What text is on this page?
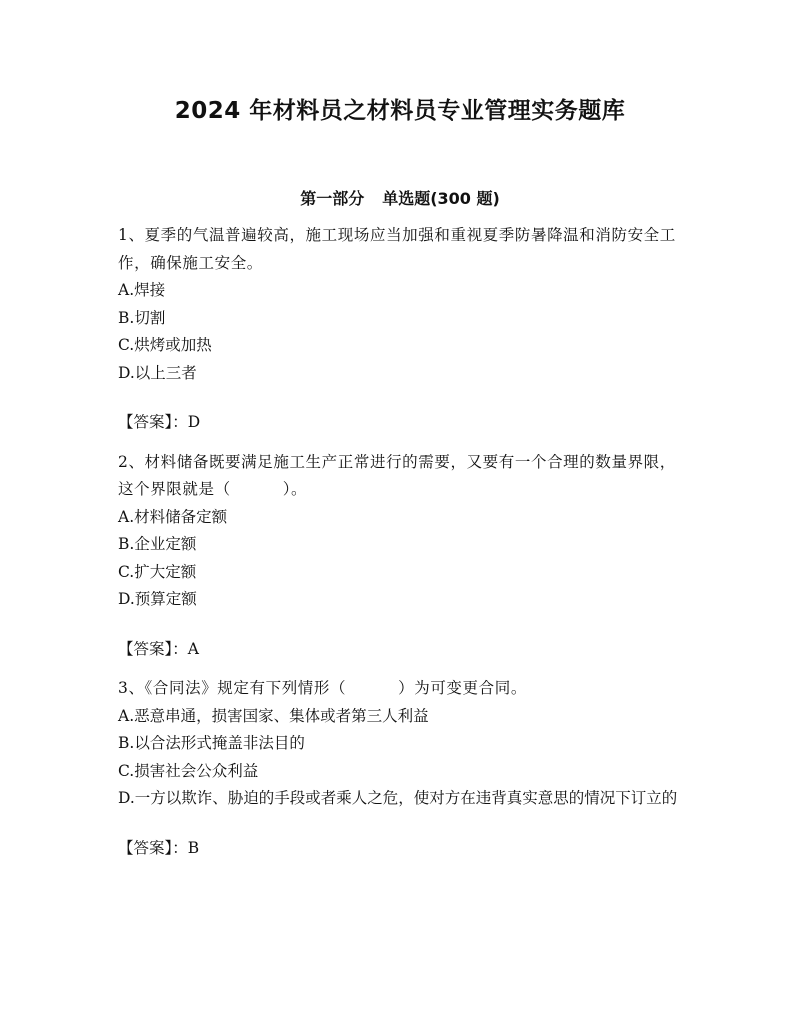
2024 年材料员之材料员专业管理实务题库
第一部分 单选题(300 题)

1、夏季的气温普遍较高，施工现场应当加强和重视夏季防暑降温和消防安全工作，确保施工安全。

A.焊接

B.切割

C.烘烤或加热

D.以上三者

【答案】：D

2、材料储备既要满足施工生产正常进行的需要，又要有一个合理的数量界限，这个界限就是（	）。

A.材料储备定额

B.企业定额

C.扩大定额

D.预算定额

【答案】：A

3、《合同法》规定有下列情形（	）为可变更合同。

A.恶意串通，损害国家、集体或者第三人利益

B.以合法形式掩盖非法目的

C.损害社会公众利益

D.一方以欺诈、胁迫的手段或者乘人之危，使对方在违背真实意思的情况下订立的

【答案】：B
